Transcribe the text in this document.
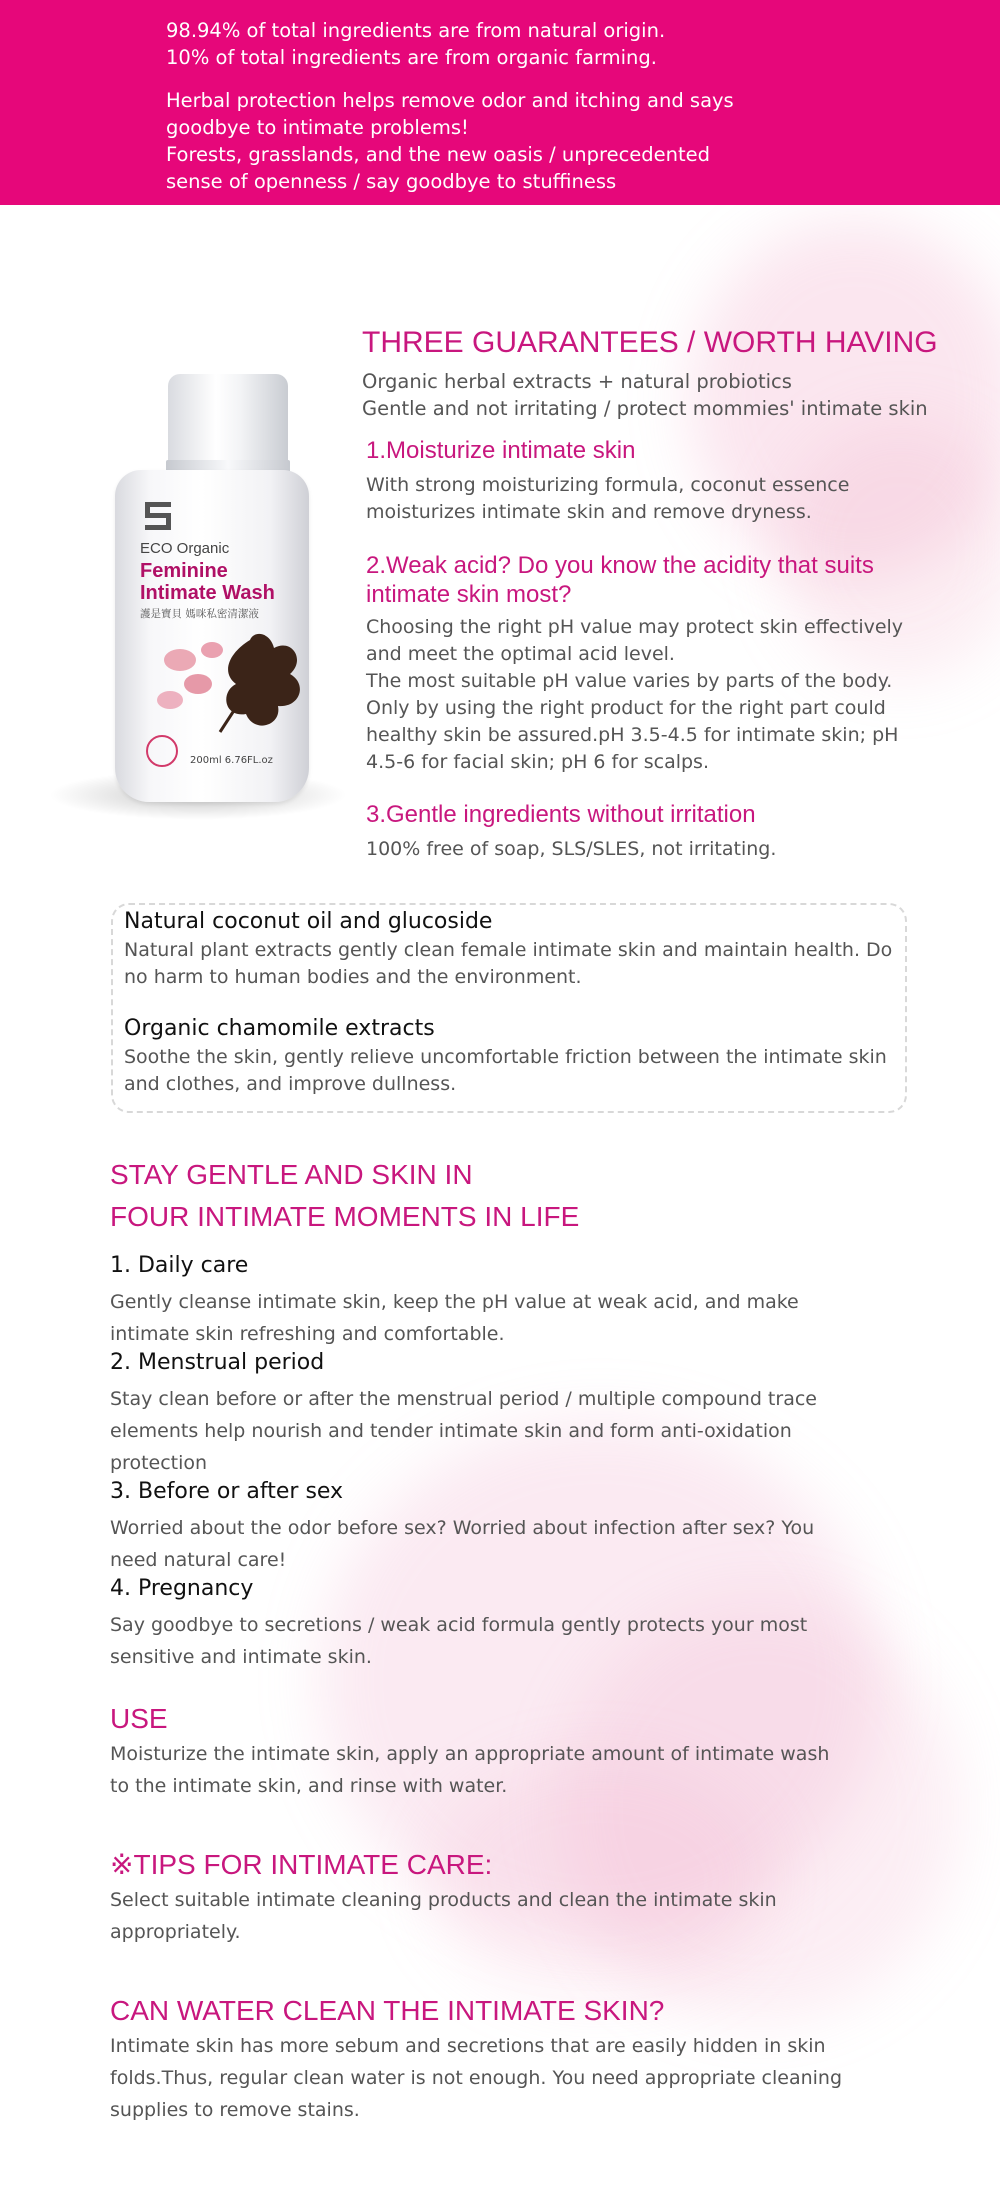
98.94% of total ingredients are from natural origin.

10% of total ingredients are from organic farming.

Herbal protection helps remove odor and itching and says

goodbye to intimate problems!

Forests, grasslands, and the new oasis / unprecedented

sense of openness / say goodbye to stuffiness

ECO Organic
Feminine
Intimate Wash
護是寶貝 媽咪私密清潔液
200ml 6.76FL.oz
THREE GUARANTEES / WORTH HAVING
Organic herbal extracts + natural probiotics
Gentle and not irritating / protect mommies' intimate skin
1.Moisturize intimate skin
With strong moisturizing formula, coconut essence
moisturizes intimate skin and remove dryness.
2.Weak acid? Do you know the acidity that suits
intimate skin most?
Choosing the right pH value may protect skin effectively
and meet the optimal acid level.
The most suitable pH value varies by parts of the body.
Only by using the right product for the right part could
healthy skin be assured.pH 3.5-4.5 for intimate skin; pH
4.5-6 for facial skin; pH 6 for scalps.
3.Gentle ingredients without irritation
100% free of soap, SLS/SLES, not irritating.
Natural coconut oil and glucoside
Natural plant extracts gently clean female intimate skin and maintain health. Do
no harm to human bodies and the environment.
Organic chamomile extracts
Soothe the skin, gently relieve uncomfortable friction between the intimate skin
and clothes, and improve dullness.
STAY GENTLE AND SKIN IN
FOUR INTIMATE MOMENTS IN LIFE
1. Daily care
Gently cleanse intimate skin, keep the pH value at weak acid, and make
intimate skin refreshing and comfortable.
2. Menstrual period
Stay clean before or after the menstrual period / multiple compound trace
elements help nourish and tender intimate skin and form anti-oxidation
protection
3. Before or after sex
Worried about the odor before sex? Worried about infection after sex? You
need natural care!
4. Pregnancy
Say goodbye to secretions / weak acid formula gently protects your most
sensitive and intimate skin.
USE
Moisturize the intimate skin, apply an appropriate amount of intimate wash
to the intimate skin, and rinse with water.
※TIPS FOR INTIMATE CARE:
Select suitable intimate cleaning products and clean the intimate skin
appropriately.
CAN WATER CLEAN THE INTIMATE SKIN?
Intimate skin has more sebum and secretions that are easily hidden in skin
folds.Thus, regular clean water is not enough. You need appropriate cleaning
supplies to remove stains.
